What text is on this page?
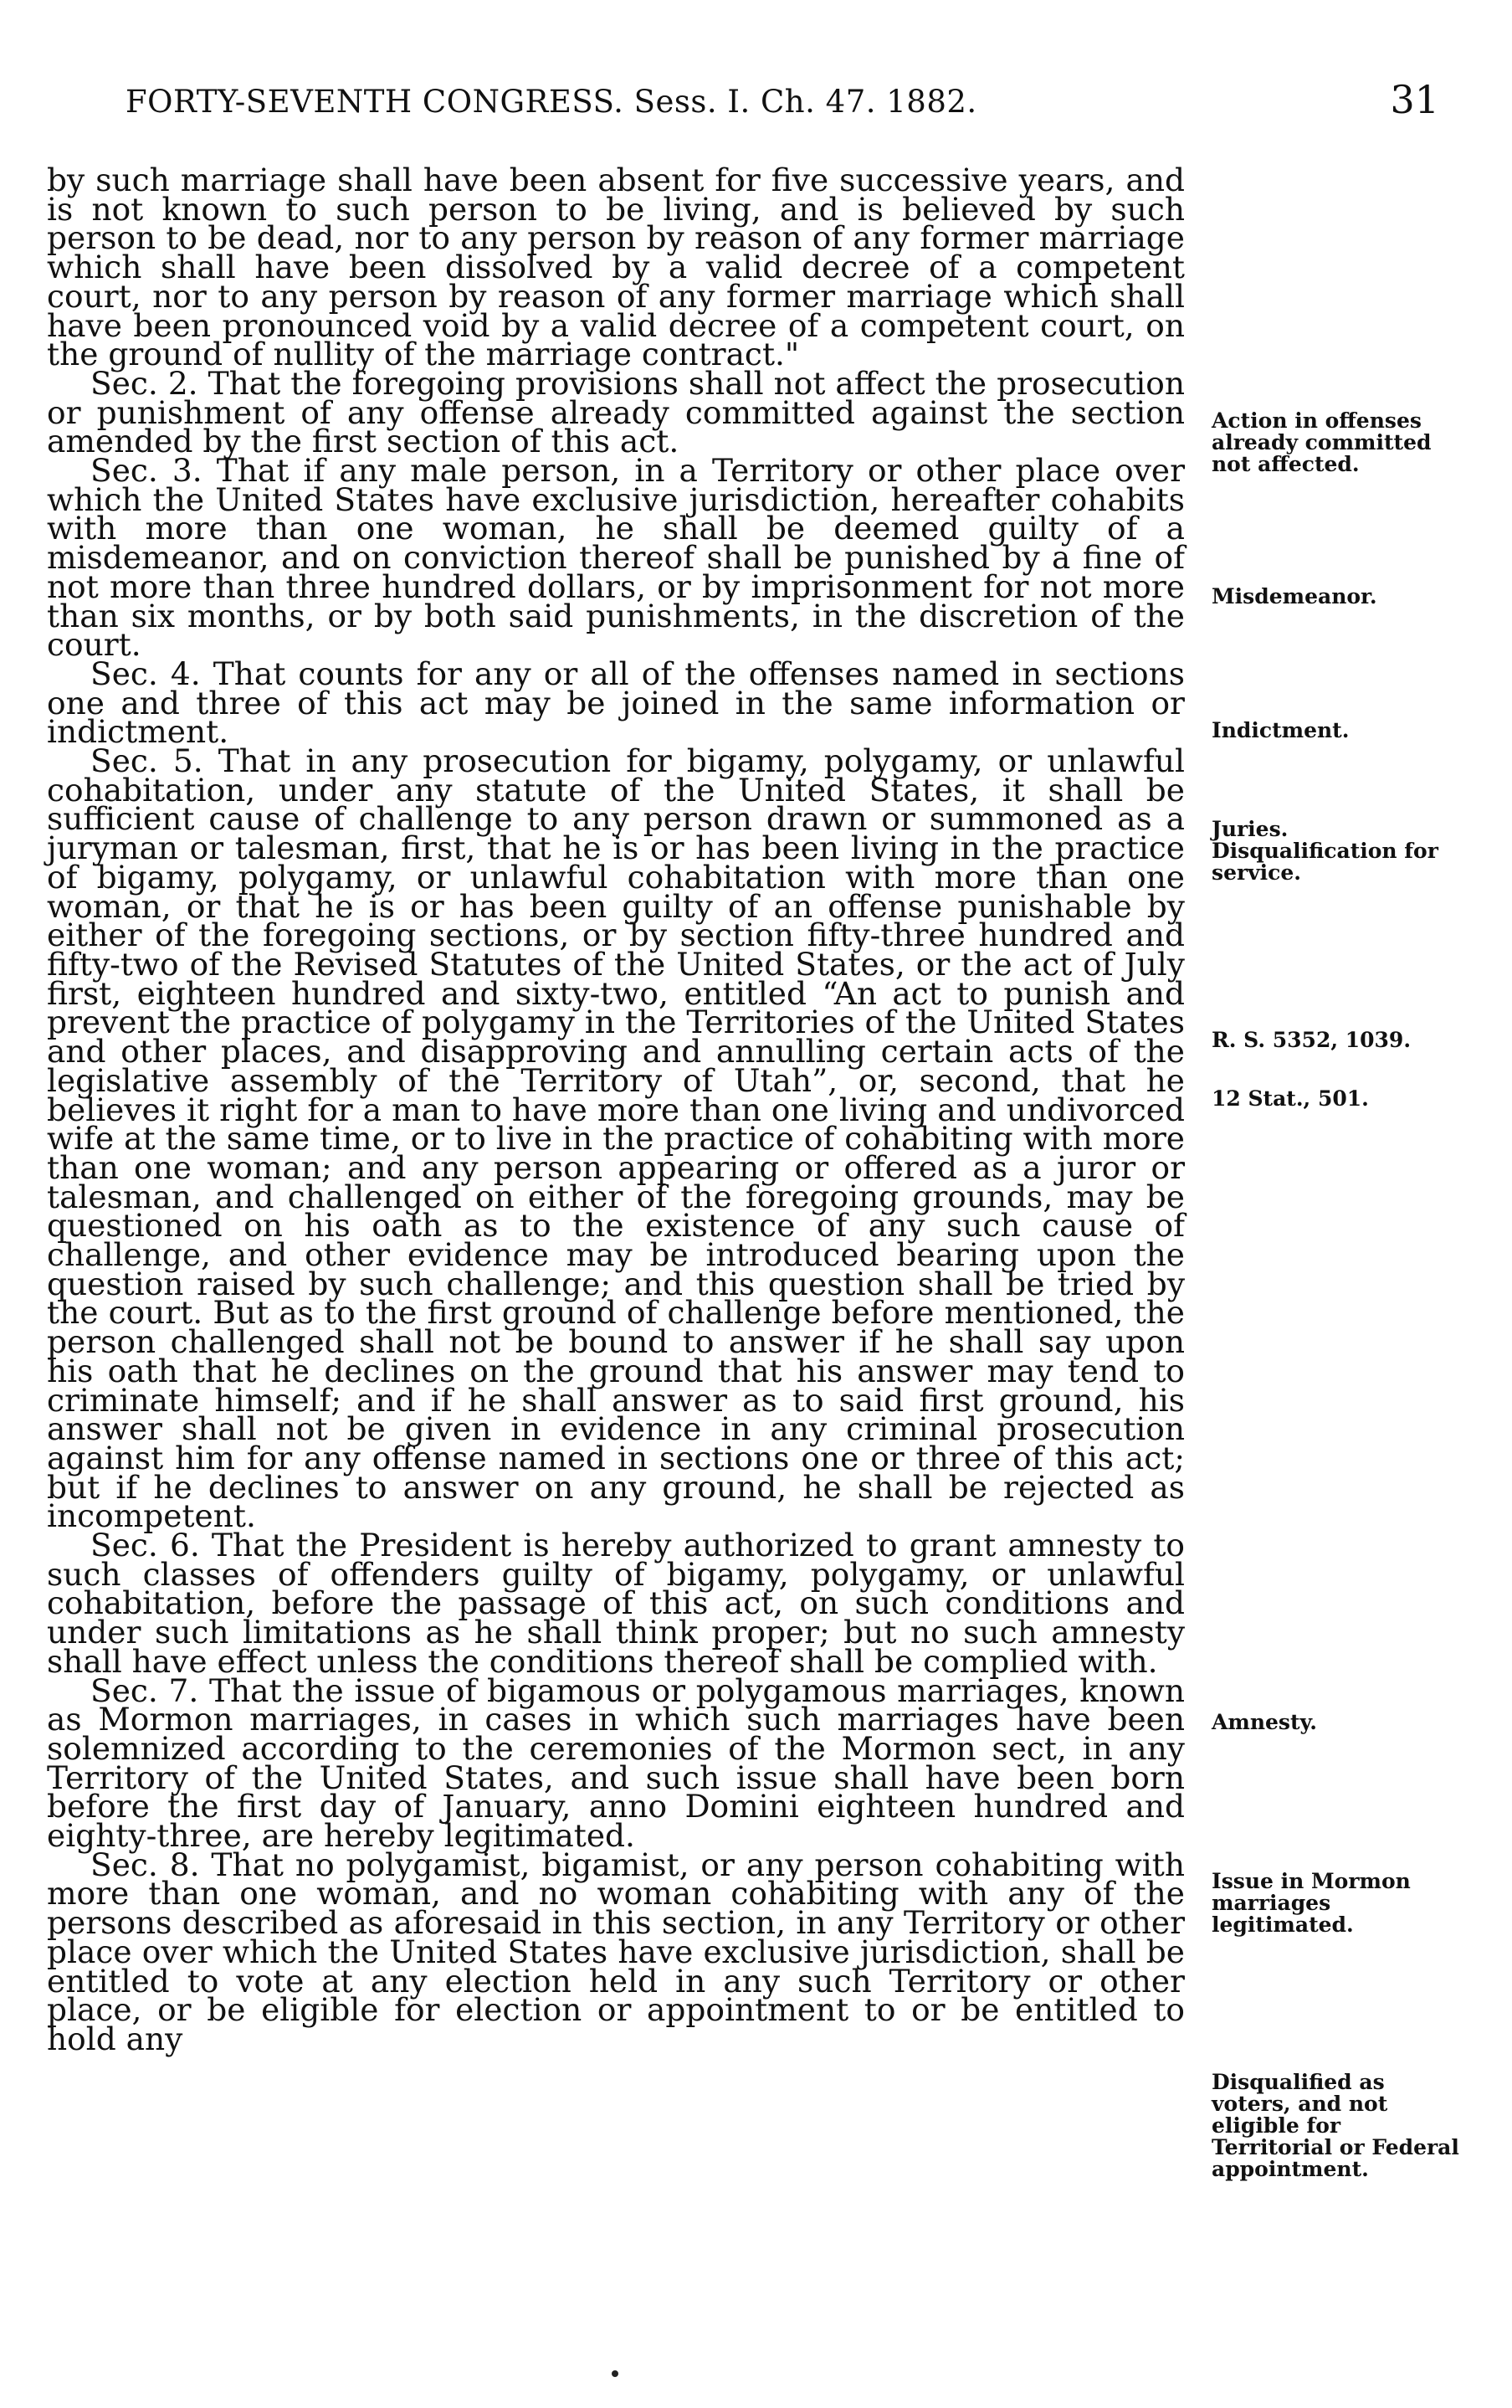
FORTY-SEVENTH CONGRESS. Sess. I. Ch. 47. 1882.	31

by such marriage shall have been absent for five successive years, and is not known to such person to be living, and is believed by such person to be dead, nor to any person by reason of any former marriage which shall have been dissolved by a valid decree of a competent court, nor to any person by reason of any former marriage which shall have been pronounced void by a valid decree of a competent court, on the ground of nullity of the marriage contract."

Sec. 2. That the foregoing provisions shall not affect the prosecution or punishment of any offense already committed against the section amended by the first section of this act.

Sec. 3. That if any male person, in a Territory or other place over which the United States have exclusive jurisdiction, hereafter cohabits with more than one woman, he shall be deemed guilty of a misdemeanor, and on conviction thereof shall be punished by a fine of not more than three hundred dollars, or by imprisonment for not more than six months, or by both said punishments, in the discretion of the court.

Sec. 4. That counts for any or all of the offenses named in sections one and three of this act may be joined in the same information or indictment.

Sec. 5. That in any prosecution for bigamy, polygamy, or unlawful cohabitation, under any statute of the United States, it shall be sufficient cause of challenge to any person drawn or summoned as a juryman or talesman, first, that he is or has been living in the practice of bigamy, polygamy, or unlawful cohabitation with more than one woman, or that he is or has been guilty of an offense punishable by either of the foregoing sections, or by section fifty-three hundred and fifty-two of the Revised Statutes of the United States, or the act of July first, eighteen hundred and sixty-two, entitled “An act to punish and prevent the practice of polygamy in the Territories of the United States and other places, and disapproving and annulling certain acts of the legislative assembly of the Territory of Utah”, or, second, that he believes it right for a man to have more than one living and undivorced wife at the same time, or to live in the practice of cohabiting with more than one woman; and any person appearing or offered as a juror or talesman, and challenged on either of the foregoing grounds, may be questioned on his oath as to the existence of any such cause of challenge, and other evidence may be introduced bearing upon the question raised by such challenge; and this question shall be tried by the court. But as to the first ground of challenge before mentioned, the person challenged shall not be bound to answer if he shall say upon his oath that he declines on the ground that his answer may tend to criminate himself; and if he shall answer as to said first ground, his answer shall not be given in evidence in any criminal prosecution against him for any offense named in sections one or three of this act; but if he declines to answer on any ground, he shall be rejected as incompetent.

Sec. 6. That the President is hereby authorized to grant amnesty to such classes of offenders guilty of bigamy, polygamy, or unlawful cohabitation, before the passage of this act, on such conditions and under such limitations as he shall think proper; but no such amnesty shall have effect unless the conditions thereof shall be complied with.

Sec. 7. That the issue of bigamous or polygamous marriages, known as Mormon marriages, in cases in which such marriages have been solemnized according to the ceremonies of the Mormon sect, in any Territory of the United States, and such issue shall have been born before the first day of January, anno Domini eighteen hundred and eighty-three, are hereby legitimated.

Sec. 8. That no polygamist, bigamist, or any person cohabiting with more than one woman, and no woman cohabiting with any of the persons described as aforesaid in this section, in any Territory or other place over which the United States have exclusive jurisdiction, shall be entitled to vote at any election held in any such Territory or other place, or be eligible for election or appointment to or be entitled to hold any

Action in offenses already committed not affected.
Misdemeanor.
Indictment.
Juries. Disqualification for service.
R. S. 5352, 1039.
12 Stat., 501.
Amnesty.
Issue in Mormon marriages legitimated.
Disqualified as voters, and not eligible for Territorial or Federal appointment.
